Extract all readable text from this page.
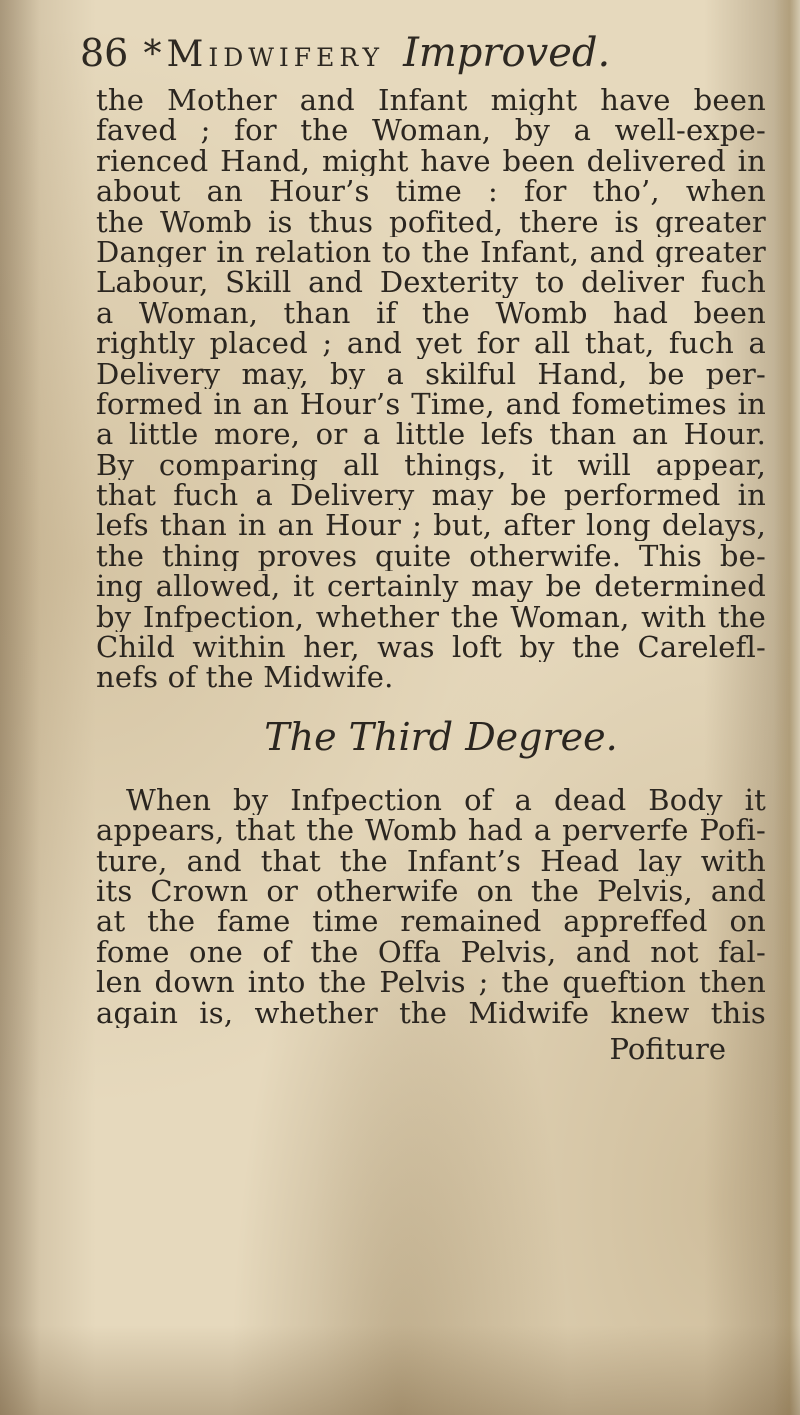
86 *Midwifery Improved.
the Mother and Infant might have been
faved ; for the Woman, by a well-expe-
rienced Hand, might have been delivered in
about an Hour’s time : for tho’, when
the Womb is thus pofited, there is greater
Danger in relation to the Infant, and greater
Labour, Skill and Dexterity to deliver fuch
a Woman, than if the Womb had been
rightly placed ; and yet for all that, fuch a
Delivery may, by a skilful Hand, be per-
formed in an Hour’s Time, and fometimes in
a little more, or a little lefs than an Hour.
By comparing all things, it will appear,
that fuch a Delivery may be performed in
lefs than in an Hour ; but, after long delays,
the thing proves quite otherwife. This be-
ing allowed, it certainly may be determined
by Infpection, whether the Woman, with the
Child within her, was loft by the Carelefl-
nefs of the Midwife.
The Third Degree.
When by Infpection of a dead Body it
appears, that the Womb had a perverfe Pofi-
ture, and that the Infant’s Head lay with
its Crown or otherwife on the Pelvis, and
at the fame time remained appreffed on
fome one of the Offa Pelvis, and not fal-
len down into the Pelvis ; the queftion then
again is, whether the Midwife knew this
Pofiture
